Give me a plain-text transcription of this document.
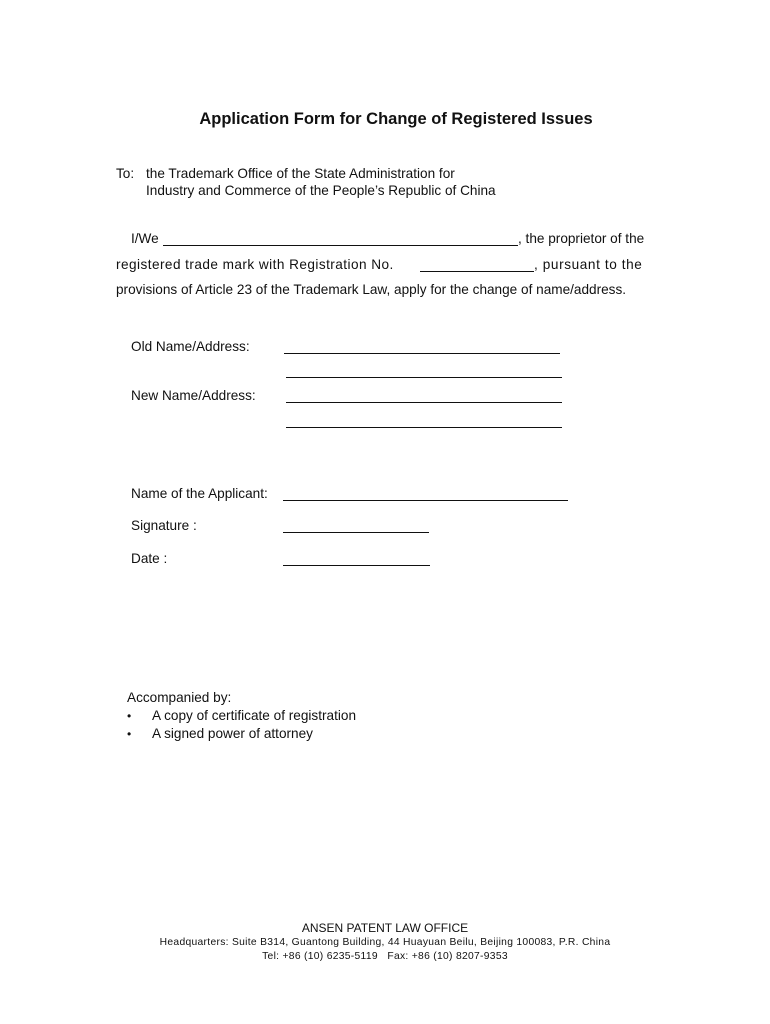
Application Form for Change of Registered Issues
To: the Trademark Office of the State Administration for
Industry and Commerce of the People’s Republic of China
I/We	, the proprietor of the
registered trade mark with Registration No.	, pursuant to the
provisions of Article 23 of the Trademark Law, apply for the change of name/address.
Old Name/Address:
New Name/Address:
Name of the Applicant:
Signature :
Date :
Accompanied by:
• A copy of certificate of registration
• A signed power of attorney
ANSEN PATENT LAW OFFICE
Headquarters: Suite B314, Guantong Building, 44 Huayuan Beilu, Beijing 100083, P.R. China
Tel: +86 (10) 6235-5119   Fax: +86 (10) 8207-9353
